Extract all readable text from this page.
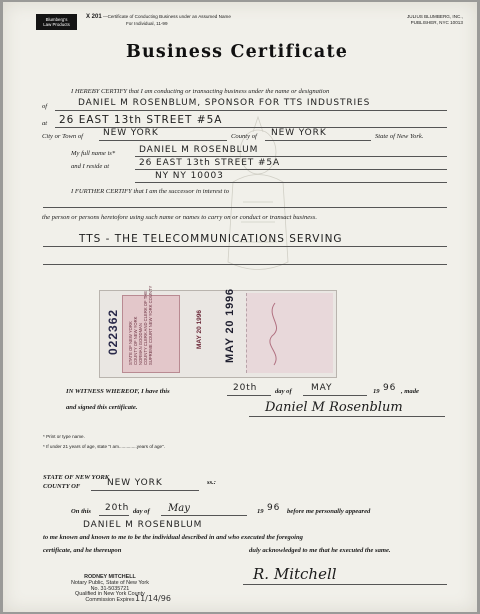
Blumberg's
Law Products
X 201 —Certificate of Conducting Business under an Assumed Name
For Individual, 11-99
JULIUS BLUMBERG, INC.,
PUBLISHER, NYC 10013
Business Certificate
I HEREBY CERTIFY that I am conducting or transacting business under the name or designation
of	DANIEL M ROSENBLUM, SPONSOR FOR TTS INDUSTRIES
at 26 EAST 13th STREET #5A
City or Town of NEW YORK	County of NEW YORK	State of New York.
My full name is*	DANIEL M ROSENBLUM
and I reside at	26 EAST 13th STREET #5A
NY NY 10003
I FURTHER CERTIFY that I am the successor in interest to
the person or persons heretofore using such name or names to carry on or conduct or transact business.
TTS - THE TELECOMMUNICATIONS SERVING
022362 STATE OF NEW YORK COUNTY OF NEW YORK NORMAN GOODMAN COUNTY CLERK AND CLERK OF THE SUPREME COURT NEW YORK COUNTY	MAY 20 1996 MAY 20 1996
IN WITNESS WHEREOF, I have this	20th	day of MAY	19 96 , made
and signed this certificate.	Daniel M Rosenblum
* Print or type name.
* If under 21 years of age, state "I am..............years of age".
STATE OF NEW YORK
COUNTY OF	NEW YORK	ss.:
On this 20th day of May	19 96 before me personally appeared
DANIEL M ROSENBLUM
to me known and known to me to be the individual described in and who executed the foregoing
certificate, and he thereupon	duly acknowledged to me that he executed the same.
RODNEY MITCHELL
Notary Public, State of New York
No. 31-5035721
Qualified in New York County
Commission Expires 11/14/96
R. Mitchell
